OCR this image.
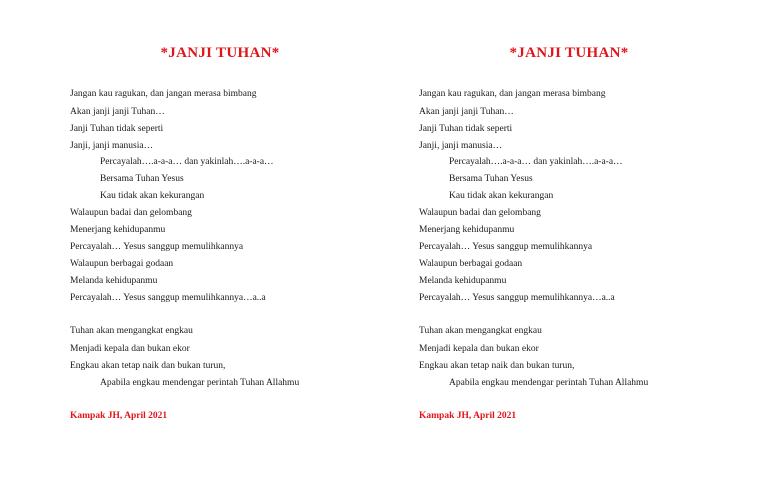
*JANJI TUHAN*
Jangan kau ragukan, dan jangan merasa bimbang
Akan janji janji Tuhan…
Janji Tuhan tidak seperti
Janji, janji manusia…
Percayalah….a-a-a… dan yakinlah….a-a-a…
Bersama Tuhan Yesus
Kau tidak akan kekurangan
Walaupun badai dan gelombang
Menerjang kehidupanmu
Percayalah… Yesus sanggup memulihkannya
Walaupun berbagai godaan
Melanda kehidupanmu
Percayalah… Yesus sanggup memulihkannya…a..a
Tuhan akan mengangkat engkau
Menjadi kepala dan bukan ekor
Engkau akan tetap naik dan bukan turun,
Apabila engkau mendengar perintah Tuhan Allahmu
Kampak JH, April 2021
*JANJI TUHAN*
Jangan kau ragukan, dan jangan merasa bimbang
Akan janji janji Tuhan…
Janji Tuhan tidak seperti
Janji, janji manusia…
Percayalah….a-a-a… dan yakinlah….a-a-a…
Bersama Tuhan Yesus
Kau tidak akan kekurangan
Walaupun badai dan gelombang
Menerjang kehidupanmu
Percayalah… Yesus sanggup memulihkannya
Walaupun berbagai godaan
Melanda kehidupanmu
Percayalah… Yesus sanggup memulihkannya…a..a
Tuhan akan mengangkat engkau
Menjadi kepala dan bukan ekor
Engkau akan tetap naik dan bukan turun,
Apabila engkau mendengar perintah Tuhan Allahmu
Kampak JH, April 2021
